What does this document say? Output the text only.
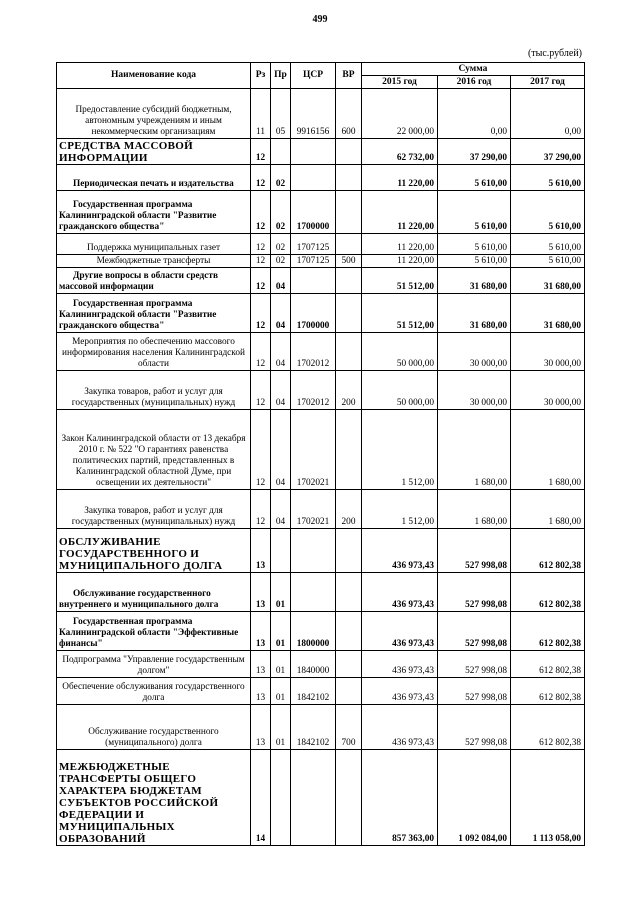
499
(тыс.рублей)
Наименование кода	Рз	Пр	ЦСР	ВР	Сумма		
					2015 год	2016 год	2017 год
Предоставление субсидий бюджетным, автономным учреждениям и иным некоммерческим организациям	11	05	9916156	600	22 000,00	0,00	0,00
СРЕДСТВА МАССОВОЙ ИНФОРМАЦИИ	12				62 732,00	37 290,00	37 290,00
Периодическая печать и издательства	12	02			11 220,00	5 610,00	5 610,00
Государственная программа Калининградской области "Развитие гражданского общества"	12	02	1700000		11 220,00	5 610,00	5 610,00
Поддержка муниципальных газет	12	02	1707125		11 220,00	5 610,00	5 610,00
Межбюджетные трансферты	12	02	1707125	500	11 220,00	5 610,00	5 610,00
Другие вопросы в области средств массовой информации	12	04			51 512,00	31 680,00	31 680,00
Государственная программа Калининградской области "Развитие гражданского общества"	12	04	1700000		51 512,00	31 680,00	31 680,00
Мероприятия по обеспечению массового информирования населения Калининградской области	12	04	1702012		50 000,00	30 000,00	30 000,00
Закупка товаров, работ и услуг для государственных (муниципальных) нужд	12	04	1702012	200	50 000,00	30 000,00	30 000,00
Закон Калининградской области от 13 декабря 2010 г. № 522 "О гарантиях равенства политических партий, представленных в Калининградской областной Думе, при освещении их деятельности"	12	04	1702021		1 512,00	1 680,00	1 680,00
Закупка товаров, работ и услуг для государственных (муниципальных) нужд	12	04	1702021	200	1 512,00	1 680,00	1 680,00
ОБСЛУЖИВАНИЕ ГОСУДАРСТВЕННОГО И МУНИЦИПАЛЬНОГО ДОЛГА	13				436 973,43	527 998,08	612 802,38
Обслуживание государственного внутреннего и муниципального долга	13	01			436 973,43	527 998,08	612 802,38
Государственная программа Калининградской области "Эффективные финансы"	13	01	1800000		436 973,43	527 998,08	612 802,38
Подпрограмма "Управление государственным долгом"	13	01	1840000		436 973,43	527 998,08	612 802,38
Обеспечение обслуживания государственного долга	13	01	1842102		436 973,43	527 998,08	612 802,38
Обслуживание государственного (муниципального) долга	13	01	1842102	700	436 973,43	527 998,08	612 802,38
МЕЖБЮДЖЕТНЫЕ ТРАНСФЕРТЫ ОБЩЕГО ХАРАКТЕРА БЮДЖЕТАМ СУБЪЕКТОВ РОССИЙСКОЙ ФЕДЕРАЦИИ И МУНИЦИПАЛЬНЫХ ОБРАЗОВАНИЙ	14				857 363,00	1 092 084,00	1 113 058,00
